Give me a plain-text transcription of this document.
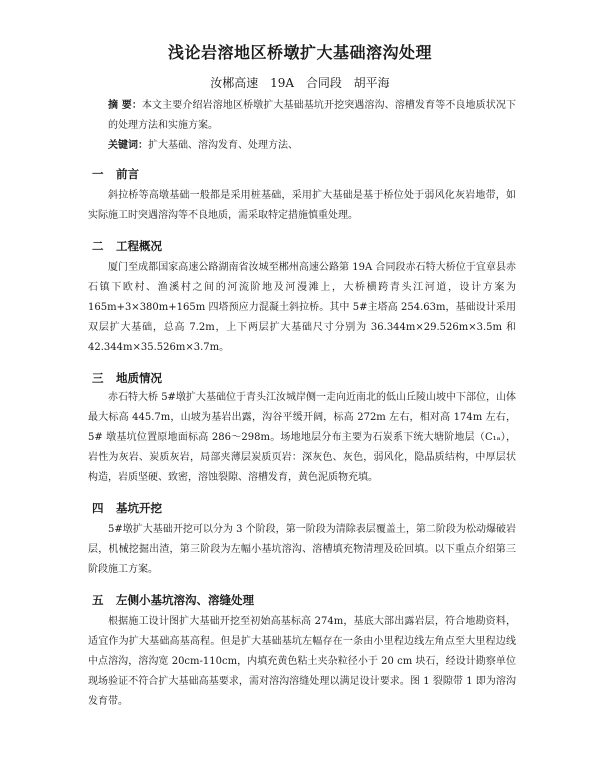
浅论岩溶地区桥墩扩大基础溶沟处理
汝郴高速 19A 合同段 胡平海
摘 要：本文主要介绍岩溶地区桥墩扩大基础基坑开挖突遇溶沟、溶槽发育等不良地质状况下的处理方法和实施方案。
关键词：扩大基础、溶沟发育、处理方法、
一 前言
斜拉桥等高墩基础一般都是采用桩基础，采用扩大基础是基于桥位处于弱风化灰岩地带，如实际施工时突遇溶沟等不良地质，需采取特定措施慎重处理。
二 工程概况
厦门至成都国家高速公路湖南省汝城至郴州高速公路第 19A 合同段赤石特大桥位于宜章县赤石镇下欧村、渔溪村之间的河流阶地及河漫滩上，大桥横跨青头江河道，设计方案为165m+3×380m+165m 四塔预应力混凝土斜拉桥。其中 5#主塔高 254.63m，基础设计采用双层扩大基础，总高 7.2m，上下两层扩大基础尺寸分别为 36.344m×29.526m×3.5m 和 42.344m×35.526m×3.7m。
三 地质情况
赤石特大桥 5#墩扩大基础位于青头江汝城岸侧一走向近南北的低山丘陵山坡中下部位，山体最大标高 445.7m，山坡为基岩出露，沟谷平缓开阔，标高 272m 左右，相对高 174m 左右，5# 墩基坑位置原地面标高 286～298m。场地地层分布主要为石炭系下统大塘阶地层（C₁ₐ），岩性为灰岩、炭质灰岩，局部夹薄层炭质页岩：深灰色、灰色，弱风化，隐晶质结构，中厚层状构造，岩质坚硬、致密，溶蚀裂隙、溶槽发育，黄色泥质物充填。
四 基坑开挖
5#墩扩大基础开挖可以分为 3 个阶段，第一阶段为清除表层覆盖土，第二阶段为松动爆破岩层，机械挖掘出渣，第三阶段为左幅小基坑溶沟、溶槽填充物清理及砼回填。以下重点介绍第三阶段施工方案。
五 左侧小基坑溶沟、溶缝处理
根据施工设计图扩大基础开挖至初始高基标高 274m，基底大部出露岩层，符合地勘资料，适宜作为扩大基础高基高程。但是扩大基础基坑左幅存在一条由小里程边线左角点至大里程边线中点溶沟，溶沟宽 20cm-110cm，内填充黄色粘土夹杂粒径小于 20 cm 块石，经设计勘察单位现场验证不符合扩大基础高基要求，需对溶沟溶缝处理以满足设计要求。图 1 裂隙带 1 即为溶沟发育带。
